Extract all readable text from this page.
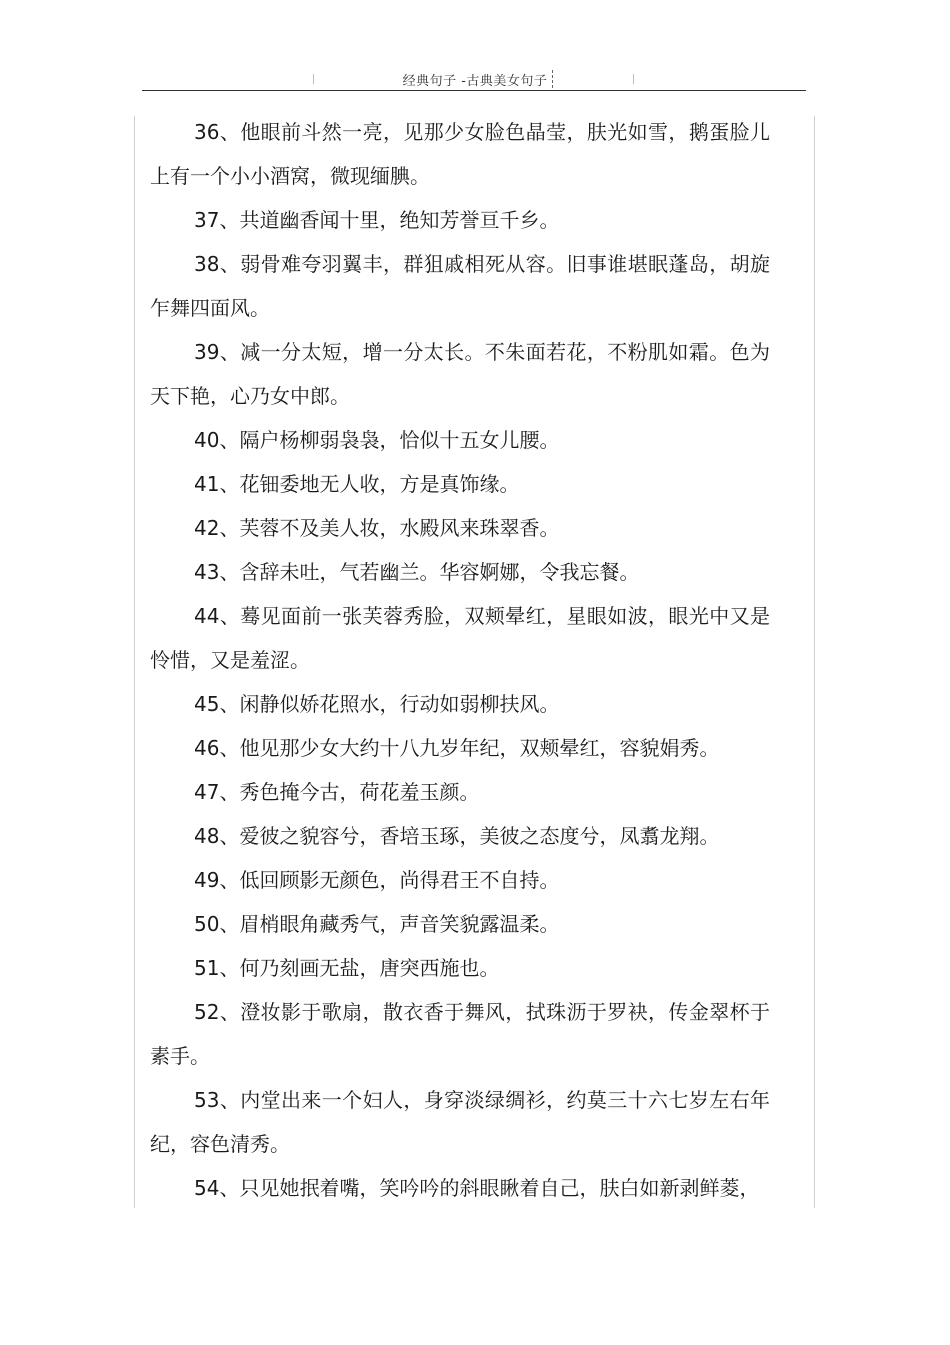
经典句子 -古典美女句子

36、他眼前斗然一亮，见那少女脸色晶莹，肤光如雪，鹅蛋脸儿上有一个小小酒窝，微现缅腆。

37、共道幽香闻十里，绝知芳誉亘千乡。

38、弱骨难夸羽翼丰，群狙戚相死从容。旧事谁堪眠蓬岛，胡旋乍舞四面风。

39、减一分太短，增一分太长。不朱面若花，不粉肌如霜。色为天下艳，心乃女中郎。

40、隔户杨柳弱袅袅，恰似十五女儿腰。

41、花钿委地无人收，方是真饰缘。

42、芙蓉不及美人妆，水殿风来珠翠香。

43、含辞未吐，气若幽兰。华容婀娜，令我忘餐。

44、蓦见面前一张芙蓉秀脸，双颊晕红，星眼如波，眼光中又是怜惜，又是羞涩。

45、闲静似娇花照水，行动如弱柳扶风。

46、他见那少女大约十八九岁年纪，双颊晕红，容貌娟秀。

47、秀色掩今古，荷花羞玉颜。

48、爱彼之貌容兮，香培玉琢，美彼之态度兮，凤翥龙翔。

49、低回顾影无颜色，尚得君王不自持。

50、眉梢眼角藏秀气，声音笑貌露温柔。

51、何乃刻画无盐，唐突西施也。

52、澄妆影于歌扇，散衣香于舞风，拭珠沥于罗袂，传金翠杯于素手。

53、内堂出来一个妇人，身穿淡绿绸衫，约莫三十六七岁左右年纪，容色清秀。

54、只见她抿着嘴，笑吟吟的斜眼瞅着自己，肤白如新剥鲜菱，
